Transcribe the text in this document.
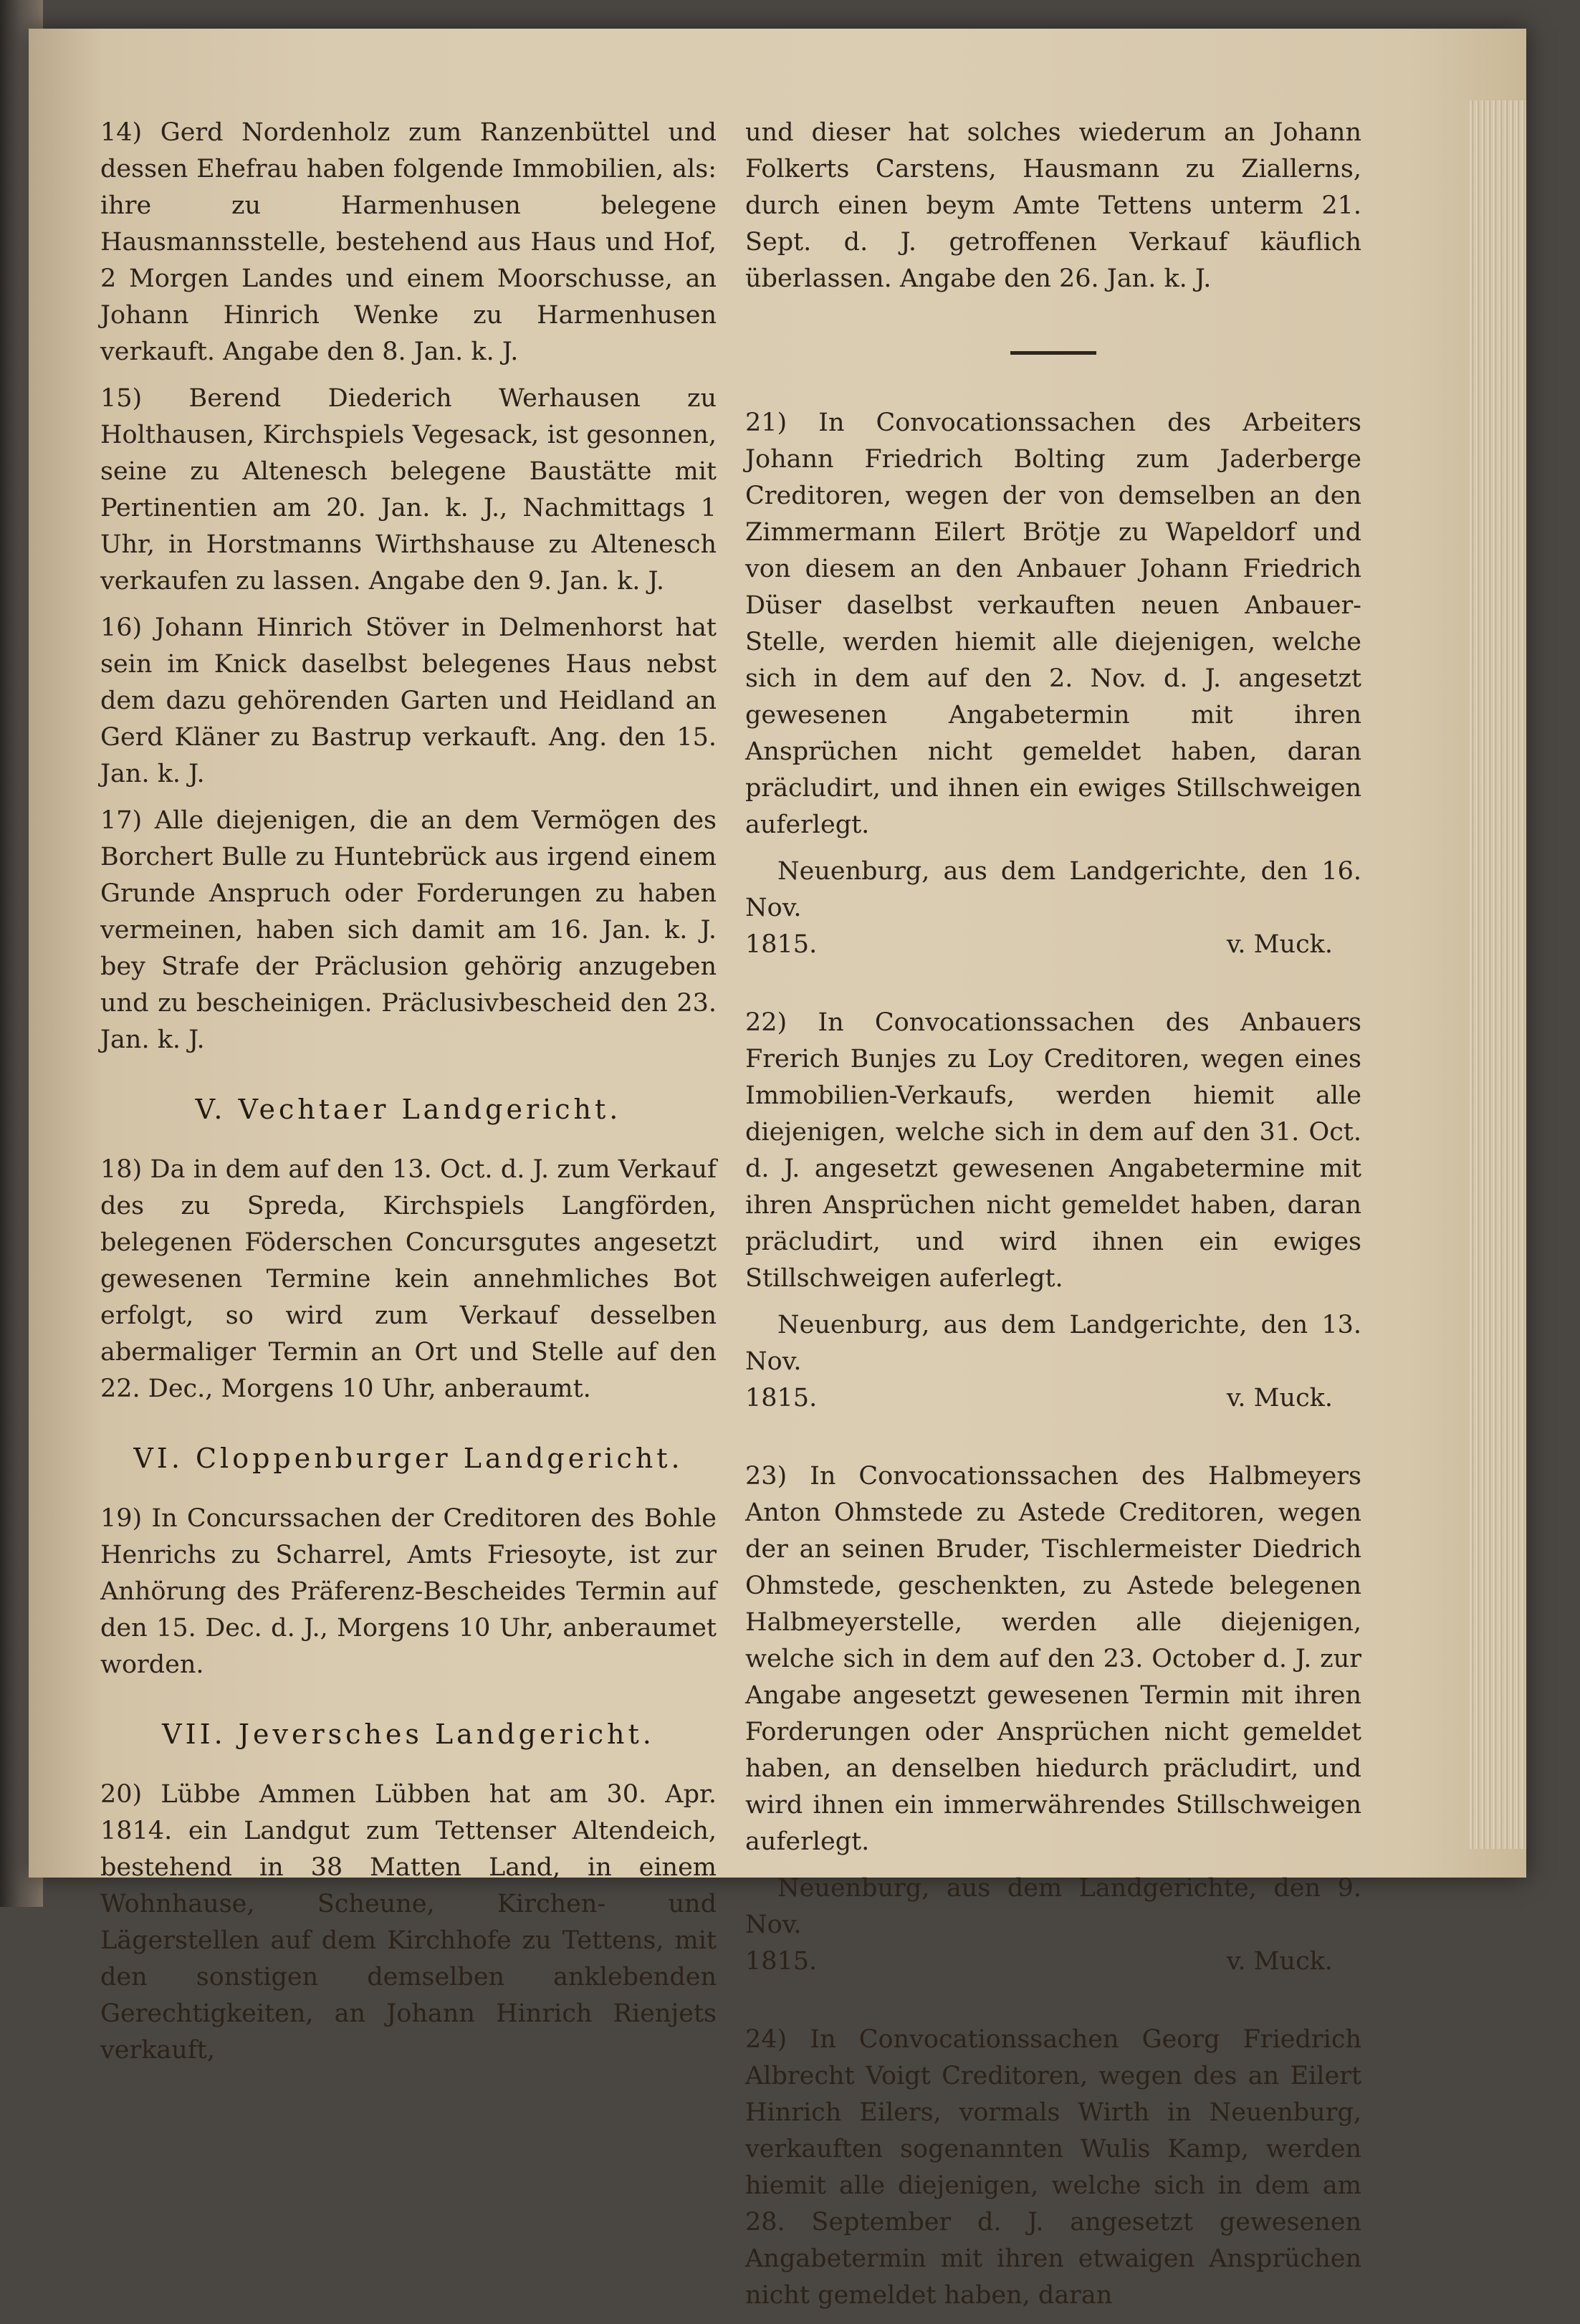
14) Gerd Nordenholz zum Ranzenbüttel und dessen Ehefrau haben folgende Immobilien, als: ihre zu Harmenhusen belegene Hausmannsstelle, bestehend aus Haus und Hof, 2 Morgen Landes und einem Moorschusse, an Johann Hinrich Wenke zu Harmenhusen verkauft. Angabe den 8. Jan. k. J.

15) Berend Diederich Werhausen zu Holthausen, Kirchspiels Vegesack, ist gesonnen, seine zu Altenesch belegene Baustätte mit Pertinentien am 20. Jan. k. J., Nachmittags 1 Uhr, in Horstmanns Wirthshause zu Altenesch verkaufen zu lassen. Angabe den 9. Jan. k. J.

16) Johann Hinrich Stöver in Delmenhorst hat sein im Knick daselbst belegenes Haus nebst dem dazu gehörenden Garten und Heidland an Gerd Kläner zu Bastrup verkauft. Ang. den 15. Jan. k. J.

17) Alle diejenigen, die an dem Vermögen des Borchert Bulle zu Huntebrück aus irgend einem Grunde Anspruch oder Forderungen zu haben vermeinen, haben sich damit am 16. Jan. k. J. bey Strafe der Präclusion gehörig anzugeben und zu bescheinigen. Präclusivbescheid den 23. Jan. k. J.

V. Vechtaer Landgericht.

18) Da in dem auf den 13. Oct. d. J. zum Verkauf des zu Spreda, Kirchspiels Langförden, belegenen Föderschen Concursgutes angesetzt gewesenen Termine kein annehmliches Bot erfolgt, so wird zum Verkauf desselben abermaliger Termin an Ort und Stelle auf den 22. Dec., Morgens 10 Uhr, anberaumt.

VI. Cloppenburger Landgericht.

19) In Concurssachen der Creditoren des Bohle Henrichs zu Scharrel, Amts Friesoyte, ist zur Anhörung des Präferenz-Bescheides Termin auf den 15. Dec. d. J., Morgens 10 Uhr, anberaumet worden.

VII. Jeversches Landgericht.

20) Lübbe Ammen Lübben hat am 30. Apr. 1814. ein Landgut zum Tettenser Altendeich, bestehend in 38 Matten Land, in einem Wohnhause, Scheune, Kirchen- und Lägerstellen auf dem Kirchhofe zu Tettens, mit den sonstigen demselben anklebenden Gerechtigkeiten, an Johann Hinrich Rienjets verkauft,

und dieser hat solches wiederum an Johann Folkerts Carstens, Hausmann zu Ziallerns, durch einen beym Amte Tettens unterm 21. Sept. d. J. getroffenen Verkauf käuflich überlassen. Angabe den 26. Jan. k. J.

21) In Convocationssachen des Arbeiters Johann Friedrich Bolting zum Jaderberge Creditoren, wegen der von demselben an den Zimmermann Eilert Brötje zu Wapeldorf und von diesem an den Anbauer Johann Friedrich Düser daselbst verkauften neuen Anbauer-Stelle, werden hiemit alle diejenigen, welche sich in dem auf den 2. Nov. d. J. angesetzt gewesenen Angabetermin mit ihren Ansprüchen nicht gemeldet haben, daran präcludirt, und ihnen ein ewiges Stillschweigen auferlegt.

Neuenburg, aus dem Landgerichte, den 16. Nov.
1815.	v. Muck.

22) In Convocationssachen des Anbauers Frerich Bunjes zu Loy Creditoren, wegen eines Immobilien-Verkaufs, werden hiemit alle diejenigen, welche sich in dem auf den 31. Oct. d. J. angesetzt gewesenen Angabetermine mit ihren Ansprüchen nicht gemeldet haben, daran präcludirt, und wird ihnen ein ewiges Stillschweigen auferlegt.

Neuenburg, aus dem Landgerichte, den 13. Nov.
1815.	v. Muck.

23) In Convocationssachen des Halbmeyers Anton Ohmstede zu Astede Creditoren, wegen der an seinen Bruder, Tischlermeister Diedrich Ohmstede, geschenkten, zu Astede belegenen Halbmeyerstelle, werden alle diejenigen, welche sich in dem auf den 23. October d. J. zur Angabe angesetzt gewesenen Termin mit ihren Forderungen oder Ansprüchen nicht gemeldet haben, an denselben hiedurch präcludirt, und wird ihnen ein immerwährendes Stillschweigen auferlegt.

Neuenburg, aus dem Landgerichte, den 9. Nov.
1815.	v. Muck.

24) In Convocationssachen Georg Friedrich Albrecht Voigt Creditoren, wegen des an Eilert Hinrich Eilers, vormals Wirth in Neuenburg, verkauften sogenannten Wulis Kamp, werden hiemit alle diejenigen, welche sich in dem am 28. September d. J. angesetzt gewesenen Angabetermin mit ihren etwaigen Ansprüchen nicht gemeldet haben, daran
